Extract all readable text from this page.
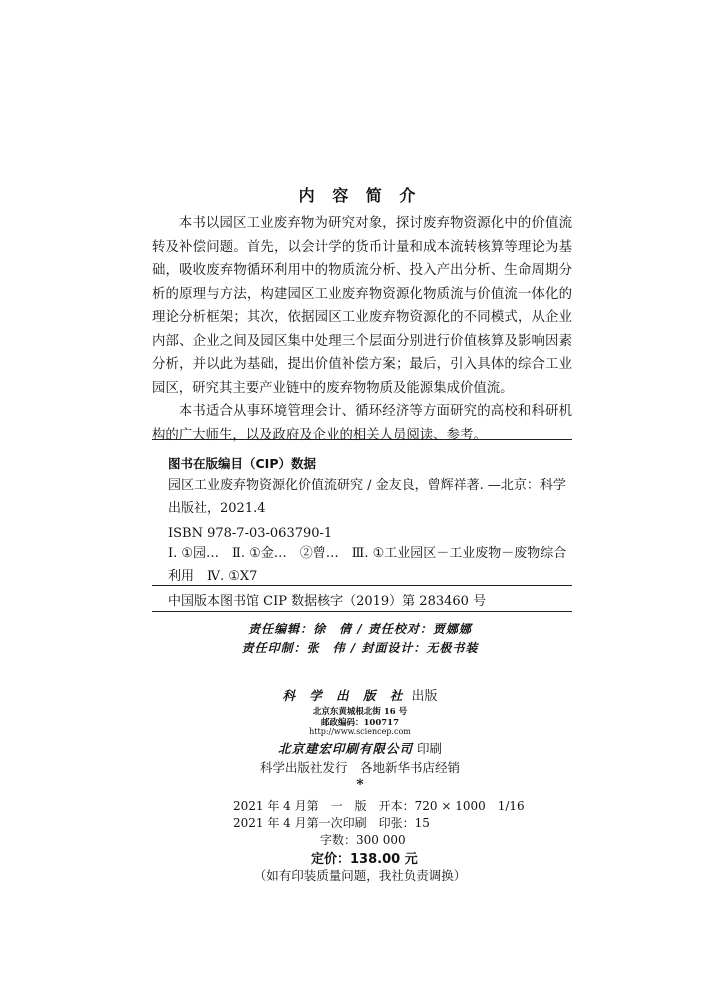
内 容 简 介

本书以园区工业废弃物为研究对象，探讨废弃物资源化中的价值流转及补偿问题。首先，以会计学的货币计量和成本流转核算等理论为基础，吸收废弃物循环利用中的物质流分析、投入产出分析、生命周期分析的原理与方法，构建园区工业废弃物资源化物质流与价值流一体化的理论分析框架；其次，依据园区工业废弃物资源化的不同模式，从企业内部、企业之间及园区集中处理三个层面分别进行价值核算及影响因素分析，并以此为基础，提出价值补偿方案；最后，引入具体的综合工业园区，研究其主要产业链中的废弃物物质及能源集成价值流。

本书适合从事环境管理会计、循环经济等方面研究的高校和科研机构的广大师生，以及政府及企业的相关人员阅读、参考。

图书在版编目（CIP）数据
园区工业废弃物资源化价值流研究 / 金友良，曾辉祥著. —北京：科学出版社，2021.4
ISBN 978-7-03-063790-1
Ⅰ. ①园…　Ⅱ. ①金…　②曾…　Ⅲ. ①工业园区－工业废物－废物综合利用　Ⅳ. ①X7
中国版本图书馆 CIP 数据核字（2019）第 283460 号
责任编辑：徐　倩 / 责任校对：贾娜娜
责任印制：张　伟 / 封面设计：无极书装
科 学 出 版 社 出版
北京东黄城根北街 16 号
邮政编码：100717
http://www.sciencep.com
北京建宏印刷有限公司 印刷
科学出版社发行　各地新华书店经销
*
2021 年 4 月第　一　版　开本：720 × 1000　1/16
2021 年 4 月第一次印刷　印张：15
字数：300 000
定价：138.00 元
（如有印装质量问题，我社负责调换）
